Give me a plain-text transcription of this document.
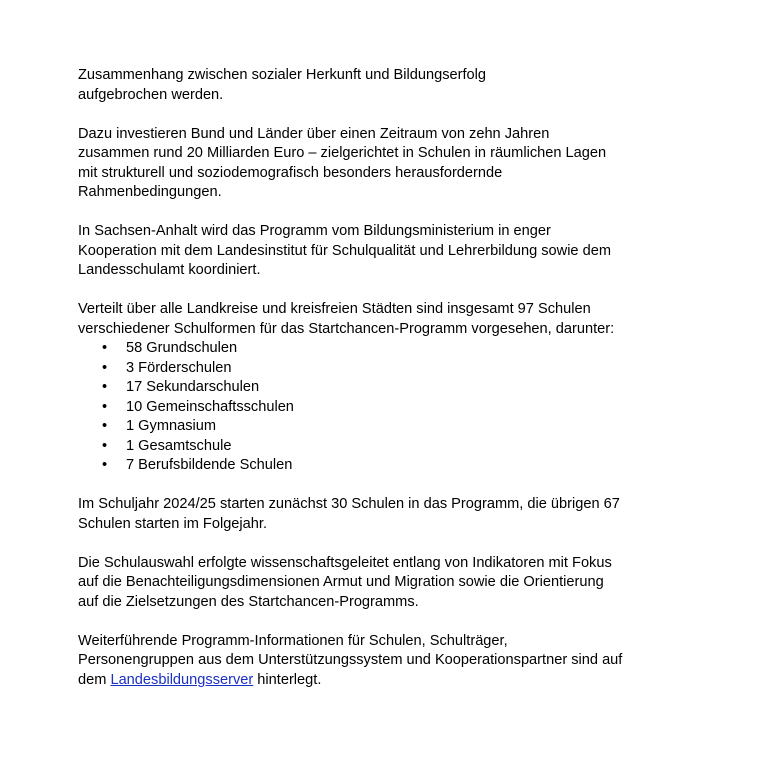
Zusammenhang zwischen sozialer Herkunft und Bildungserfolg
aufgebrochen werden.

Dazu investieren Bund und Länder über einen Zeitraum von zehn Jahren
zusammen rund 20 Milliarden Euro – zielgerichtet in Schulen in räumlichen Lagen
mit strukturell und soziodemografisch besonders herausfordernde
Rahmenbedingungen.

In Sachsen-Anhalt wird das Programm vom Bildungsministerium in enger
Kooperation mit dem Landesinstitut für Schulqualität und Lehrerbildung sowie dem
Landesschulamt koordiniert.

Verteilt über alle Landkreise und kreisfreien Städten sind insgesamt 97 Schulen
verschiedener Schulformen für das Startchancen-Programm vorgesehen, darunter:

• 58 Grundschulen
• 3 Förderschulen
• 17 Sekundarschulen
• 10 Gemeinschaftsschulen
• 1 Gymnasium
• 1 Gesamtschule
• 7 Berufsbildende Schulen

Im Schuljahr 2024/25 starten zunächst 30 Schulen in das Programm, die übrigen 67
Schulen starten im Folgejahr.

Die Schulauswahl erfolgte wissenschaftsgeleitet entlang von Indikatoren mit Fokus
auf die Benachteiligungsdimensionen Armut und Migration sowie die Orientierung
auf die Zielsetzungen des Startchancen-Programms.

Weiterführende Programm-Informationen für Schulen, Schulträger,
Personengruppen aus dem Unterstützungssystem und Kooperationspartner sind auf
dem Landesbildungsserver hinterlegt.
